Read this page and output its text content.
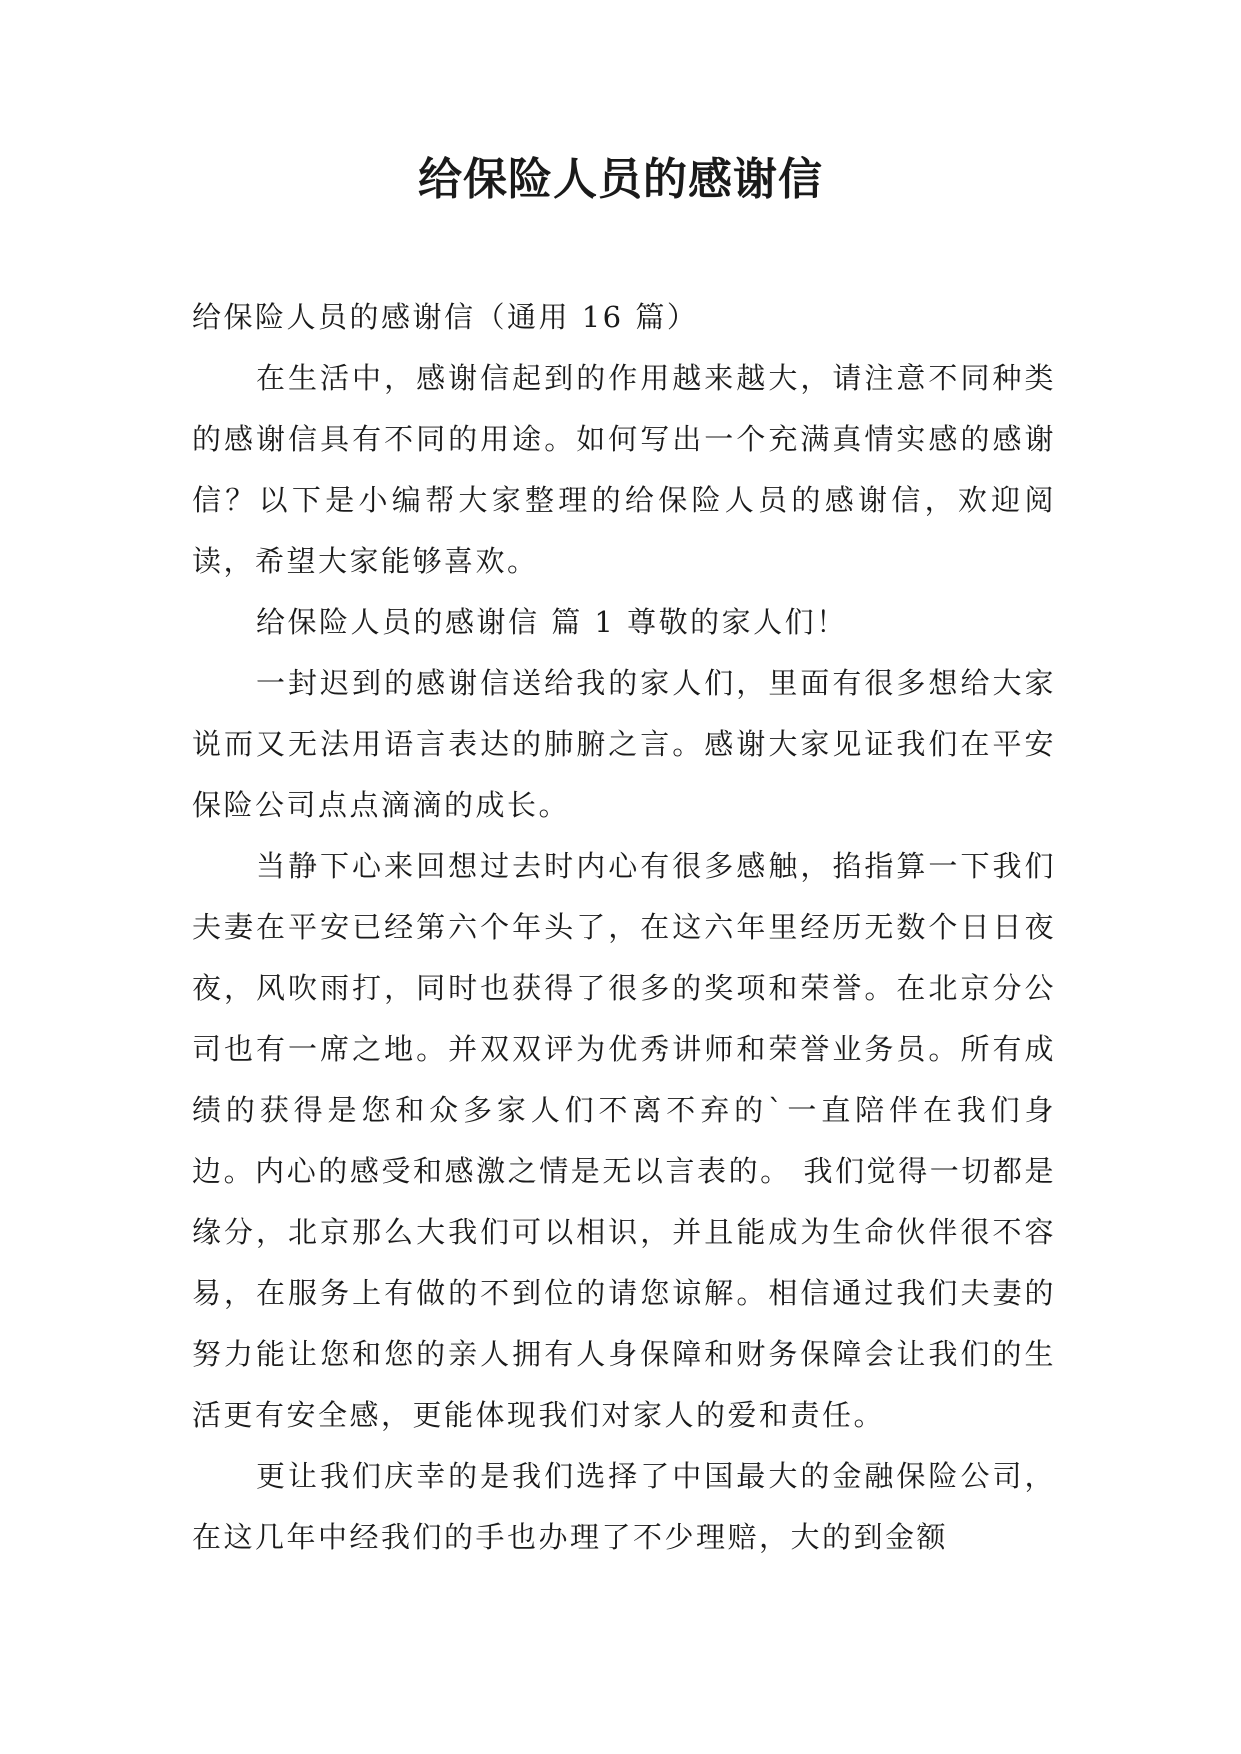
给保险人员的感谢信

给保险人员的感谢信（通用 16 篇）

在生活中，感谢信起到的作用越来越大，请注意不同种类的感谢信具有不同的用途。如何写出一个充满真情实感的感谢信？以下是小编帮大家整理的给保险人员的感谢信，欢迎阅读，希望大家能够喜欢。

给保险人员的感谢信 篇 1 尊敬的家人们！

一封迟到的感谢信送给我的家人们，里面有很多想给大家说而又无法用语言表达的肺腑之言。感谢大家见证我们在平安保险公司点点滴滴的成长。

当静下心来回想过去时内心有很多感触，掐指算一下我们夫妻在平安已经第六个年头了，在这六年里经历无数个日日夜夜，风吹雨打，同时也获得了很多的奖项和荣誉。在北京分公司也有一席之地。并双双评为优秀讲师和荣誉业务员。所有成绩的获得是您和众多家人们不离不弃的`一直陪伴在我们身边。内心的感受和感激之情是无以言表的。 我们觉得一切都是缘分，北京那么大我们可以相识，并且能成为生命伙伴很不容易，在服务上有做的不到位的请您谅解。相信通过我们夫妻的努力能让您和您的亲人拥有人身保障和财务保障会让我们的生活更有安全感，更能体现我们对家人的爱和责任。

更让我们庆幸的是我们选择了中国最大的金融保险公司，在这几年中经我们的手也办理了不少理赔，大的到金额
